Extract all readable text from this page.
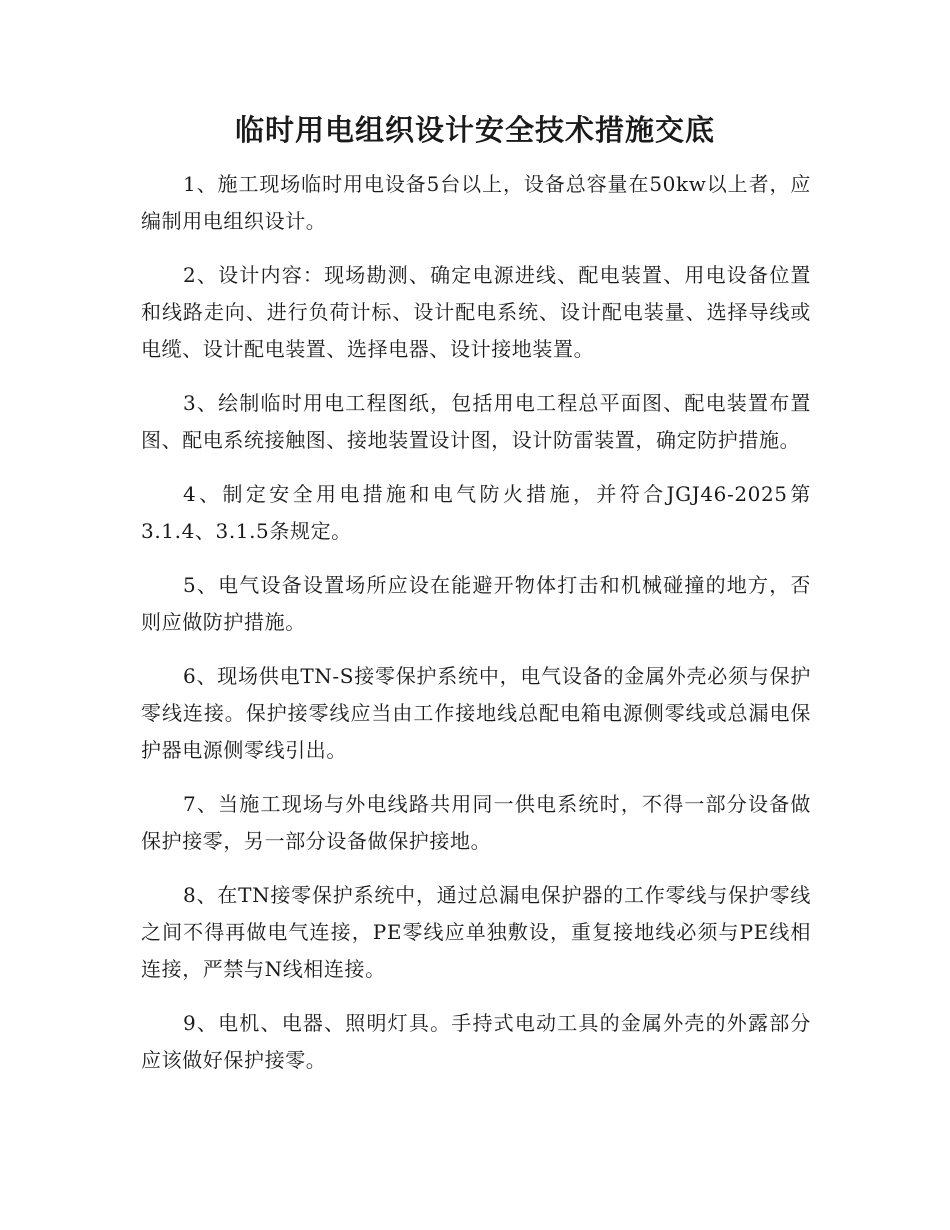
临时用电组织设计安全技术措施交底

1、施工现场临时用电设备5台以上，设备总容量在50kw以上者，应编制用电组织设计。

2、设计内容：现场勘测、确定电源进线、配电装置、用电设备位置和线路走向、进行负荷计标、设计配电系统、设计配电装量、选择导线或电缆、设计配电装置、选择电器、设计接地装置。

3、绘制临时用电工程图纸，包括用电工程总平面图、配电装置布置图、配电系统接触图、接地装置设计图，设计防雷装置，确定防护措施。

4、制定安全用电措施和电气防火措施，并符合JGJ46-2025第3.1.4、3.1.5条规定。

5、电气设备设置场所应设在能避开物体打击和机械碰撞的地方，否则应做防护措施。

6、现场供电TN-S接零保护系统中，电气设备的金属外壳必须与保护零线连接。保护接零线应当由工作接地线总配电箱电源侧零线或总漏电保护器电源侧零线引出。

7、当施工现场与外电线路共用同一供电系统时，不得一部分设备做保护接零，另一部分设备做保护接地。

8、在TN接零保护系统中，通过总漏电保护器的工作零线与保护零线之间不得再做电气连接，PE零线应单独敷设，重复接地线必须与PE线相连接，严禁与N线相连接。

9、电机、电器、照明灯具。手持式电动工具的金属外壳的外露部分应该做好保护接零。
